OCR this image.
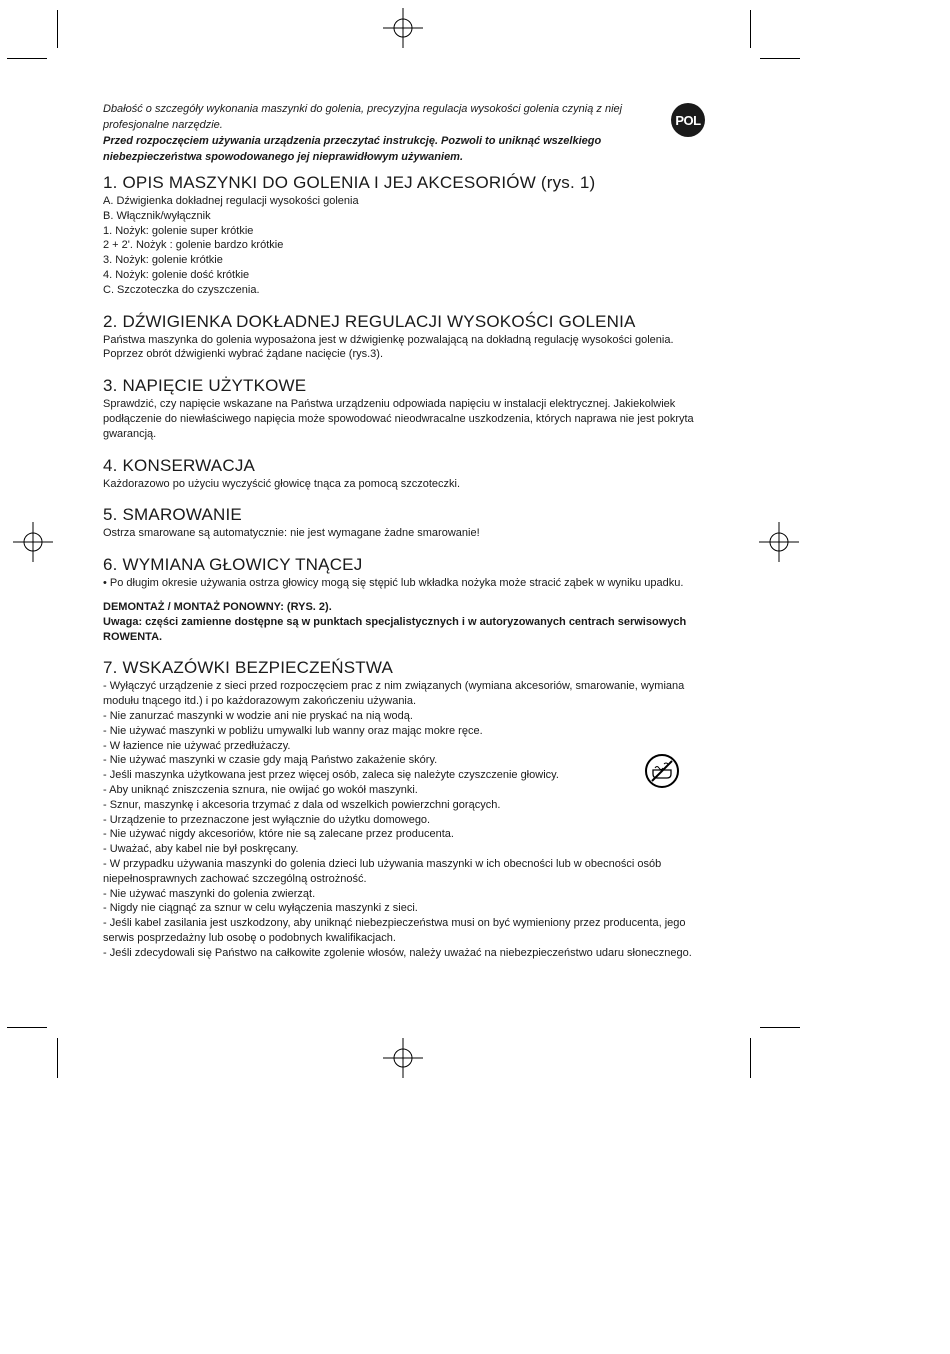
POL

Dbałość o szczegóły wykonania maszynki do golenia, precyzyjna regulacja wysokości golenia czynią z niej profesjonalne narzędzie.

Przed rozpoczęciem używania urządzenia przeczytać instrukcję. Pozwoli to uniknąć wszelkiego niebezpieczeństwa spowodowanego jej nieprawidłowym używaniem.

1. OPIS MASZYNKI DO GOLENIA I JEJ AKCESORIÓW (rys. 1)

A. Dźwigienka dokładnej regulacji wysokości golenia

B. Włącznik/wyłącznik

1. Nożyk: golenie super krótkie

2 + 2'. Nożyk : golenie bardzo krótkie

3. Nożyk: golenie krótkie

4. Nożyk: golenie dość krótkie

C. Szczoteczka do czyszczenia.

2. DŹWIGIENKA DOKŁADNEJ REGULACJI WYSOKOŚCI GOLENIA

Państwa maszynka do golenia wyposażona jest w dźwigienkę pozwalającą na dokładną regulację wysokości golenia. Poprzez obrót dźwigienki wybrać żądane nacięcie (rys.3).

3. NAPIĘCIE UŻYTKOWE

Sprawdzić, czy napięcie wskazane na Państwa urządzeniu odpowiada napięciu w instalacji elektrycznej. Jakiekolwiek podłączenie do niewłaściwego napięcia może spowodować nieodwracalne uszkodzenia, których naprawa nie jest pokryta gwarancją.

4. KONSERWACJA

Każdorazowo po użyciu wyczyścić głowicę tnąca za pomocą szczoteczki.

5. SMAROWANIE

Ostrza smarowane są automatycznie: nie jest wymagane żadne smarowanie!

6. WYMIANA GŁOWICY TNĄCEJ

• Po długim okresie używania ostrza głowicy mogą się stępić lub wkładka nożyka może stracić ząbek w wyniku upadku.

DEMONTAŻ / MONTAŻ PONOWNY: (RYS. 2).

Uwaga: części zamienne dostępne są w punktach specjalistycznych i w autoryzowanych centrach serwisowych ROWENTA.

7. WSKAZÓWKI BEZPIECZEŃSTWA

- Wyłączyć urządzenie z sieci przed rozpoczęciem prac z nim związanych (wymiana akcesoriów, smarowanie, wymiana modułu tnącego itd.) i po każdorazowym zakończeniu używania.

- Nie zanurzać maszynki w wodzie ani nie pryskać na nią wodą.

- Nie używać maszynki w pobliżu umywalki lub wanny oraz mając mokre ręce.

- W łazience nie używać przedłużaczy.

- Nie używać maszynki w czasie gdy mają Państwo zakażenie skóry.

- Jeśli maszynka użytkowana jest przez więcej osób, zaleca się należyte czyszczenie głowicy.

- Aby uniknąć zniszczenia sznura, nie owijać go wokół maszynki.

- Sznur, maszynkę i akcesoria trzymać z dala od wszelkich powierzchni gorących.

- Urządzenie to przeznaczone jest wyłącznie do użytku domowego.

- Nie używać nigdy akcesoriów, które nie są zalecane przez producenta.

- Uważać, aby kabel nie był poskręcany.

- W przypadku używania maszynki do golenia dzieci lub używania maszynki w ich obecności lub w obecności osób niepełnosprawnych zachować szczególną ostrożność.

- Nie używać maszynki do golenia zwierząt.

- Nigdy nie ciągnąć za sznur w celu wyłączenia maszynki z sieci.

- Jeśli kabel zasilania jest uszkodzony, aby uniknąć niebezpieczeństwa musi on być wymieniony przez producenta, jego serwis posprzedażny lub osobę o podobnych kwalifikacjach.

- Jeśli zdecydowali się Państwo na całkowite zgolenie włosów, należy uważać na niebezpieczeństwo udaru słonecznego.
